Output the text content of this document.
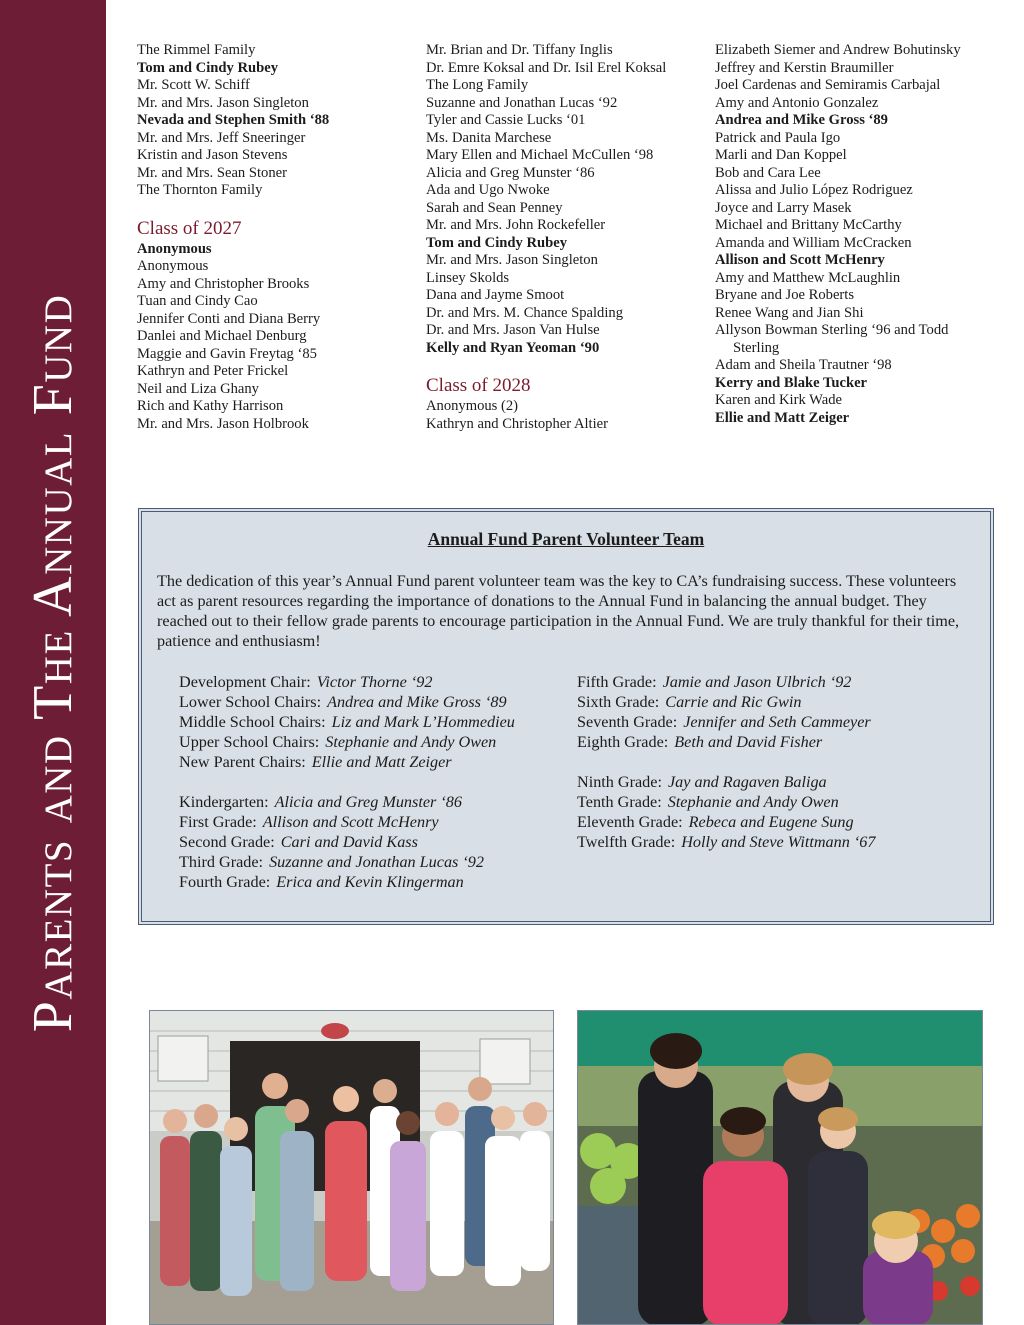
Parents and The Annual Fund
The Rimmel Family
Tom and Cindy Rubey
Mr. Scott W. Schiff
Mr. and Mrs. Jason Singleton
Nevada and Stephen Smith ‘88
Mr. and Mrs. Jeff Sneeringer
Kristin and Jason Stevens
Mr. and Mrs. Sean Stoner
The Thornton Family
Class of 2027
Anonymous
Anonymous
Amy and Christopher Brooks
Tuan and Cindy Cao
Jennifer Conti and Diana Berry
Danlei and Michael Denburg
Maggie and Gavin Freytag ‘85
Kathryn and Peter Frickel
Neil and Liza Ghany
Rich and Kathy Harrison
Mr. and Mrs. Jason Holbrook
Mr. Brian and Dr. Tiffany Inglis
Dr. Emre Koksal and Dr. Isil Erel Koksal
The Long Family
Suzanne and Jonathan Lucas ‘92
Tyler and Cassie Lucks ‘01
Ms. Danita Marchese
Mary Ellen and Michael McCullen ‘98
Alicia and Greg Munster ‘86
Ada and Ugo Nwoke
Sarah and Sean Penney
Mr. and Mrs. John Rockefeller
Tom and Cindy Rubey
Mr. and Mrs. Jason Singleton
Linsey Skolds
Dana and Jayme Smoot
Dr. and Mrs. M. Chance Spalding
Dr. and Mrs. Jason Van Hulse
Kelly and Ryan Yeoman ‘90
Class of 2028
Anonymous (2)
Kathryn and Christopher Altier
Elizabeth Siemer and Andrew Bohutinsky
Jeffrey and Kerstin Braumiller
Joel Cardenas and Semiramis Carbajal
Amy and Antonio Gonzalez
Andrea and Mike Gross ‘89
Patrick and Paula Igo
Marli and Dan Koppel
Bob and Cara Lee
Alissa and Julio López Rodriguez
Joyce and Larry Masek
Michael and Brittany McCarthy
Amanda and William McCracken
Allison and Scott McHenry
Amy and Matthew McLaughlin
Bryane and Joe Roberts
Renee Wang and Jian Shi
Allyson Bowman Sterling ‘96 and Todd Sterling
Adam and Sheila Trautner ‘98
Kerry and Blake Tucker
Karen and Kirk Wade
Ellie and Matt Zeiger
Annual Fund Parent Volunteer Team

The dedication of this year’s Annual Fund parent volunteer team was the key to CA’s fundraising success. These volunteers act as parent resources regarding the importance of donations to the Annual Fund in balancing the annual budget. They reached out to their fellow grade parents to encourage participation in the Annual Fund. We are truly thankful for their time, patience and enthusiasm!

Development Chair: Victor Thorne ‘92
Lower School Chairs: Andrea and Mike Gross ‘89
Middle School Chairs: Liz and Mark L’Hommedieu
Upper School Chairs: Stephanie and Andy Owen
New Parent Chairs: Ellie and Matt Zeiger
Kindergarten: Alicia and Greg Munster ‘86
First Grade: Allison and Scott McHenry
Second Grade: Cari and David Kass
Third Grade: Suzanne and Jonathan Lucas ‘92
Fourth Grade: Erica and Kevin Klingerman
Fifth Grade: Jamie and Jason Ulbrich ‘92
Sixth Grade: Carrie and Ric Gwin
Seventh Grade: Jennifer and Seth Cammeyer
Eighth Grade: Beth and David Fisher
Ninth Grade: Jay and Ragaven Baliga
Tenth Grade: Stephanie and Andy Owen
Eleventh Grade: Rebeca and Eugene Sung
Twelfth Grade: Holly and Steve Wittmann ‘67
